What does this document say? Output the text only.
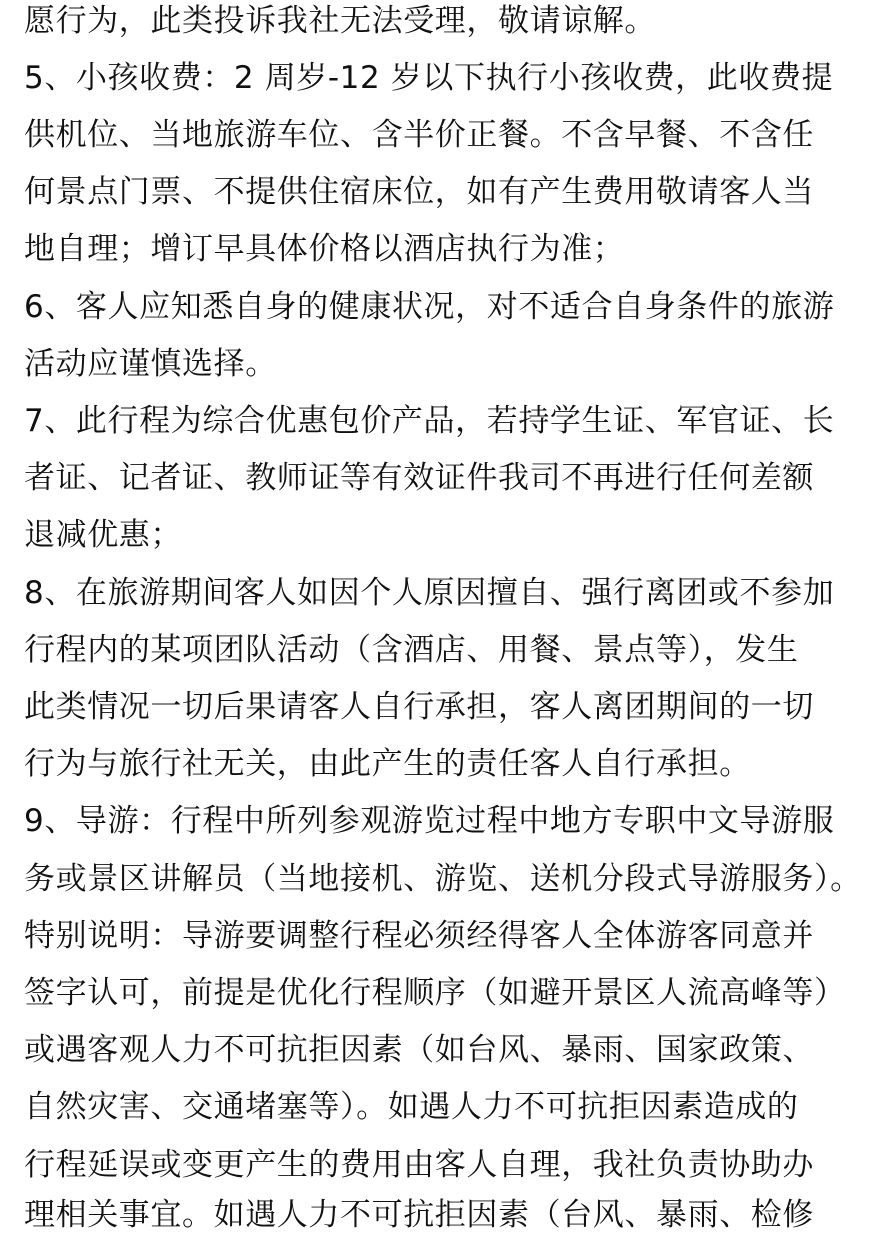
愿行为，此类投诉我社无法受理，敬请谅解。
5、小孩收费：2 周岁-12 岁以下执行小孩收费，此收费提
供机位、当地旅游车位、含半价正餐。不含早餐、不含任
何景点门票、不提供住宿床位，如有产生费用敬请客人当
地自理；增订早具体价格以酒店执行为准；
6、客人应知悉自身的健康状况，对不适合自身条件的旅游
活动应谨慎选择。
7、此行程为综合优惠包价产品，若持学生证、军官证、长
者证、记者证、教师证等有效证件我司不再进行任何差额
退减优惠；
8、在旅游期间客人如因个人原因擅自、强行离团或不参加
行程内的某项团队活动（含酒店、用餐、景点等），发生
此类情况一切后果请客人自行承担，客人离团期间的一切
行为与旅行社无关，由此产生的责任客人自行承担。
9、导游：行程中所列参观游览过程中地方专职中文导游服
务或景区讲解员（当地接机、游览、送机分段式导游服务）。
特别说明：导游要调整行程必须经得客人全体游客同意并
签字认可，前提是优化行程顺序（如避开景区人流高峰等）
或遇客观人力不可抗拒因素（如台风、暴雨、国家政策、
自然灾害、交通堵塞等）。如遇人力不可抗拒因素造成的
行程延误或变更产生的费用由客人自理，我社负责协助办
理相关事宜。如遇人力不可抗拒因素（台风、暴雨、检修
